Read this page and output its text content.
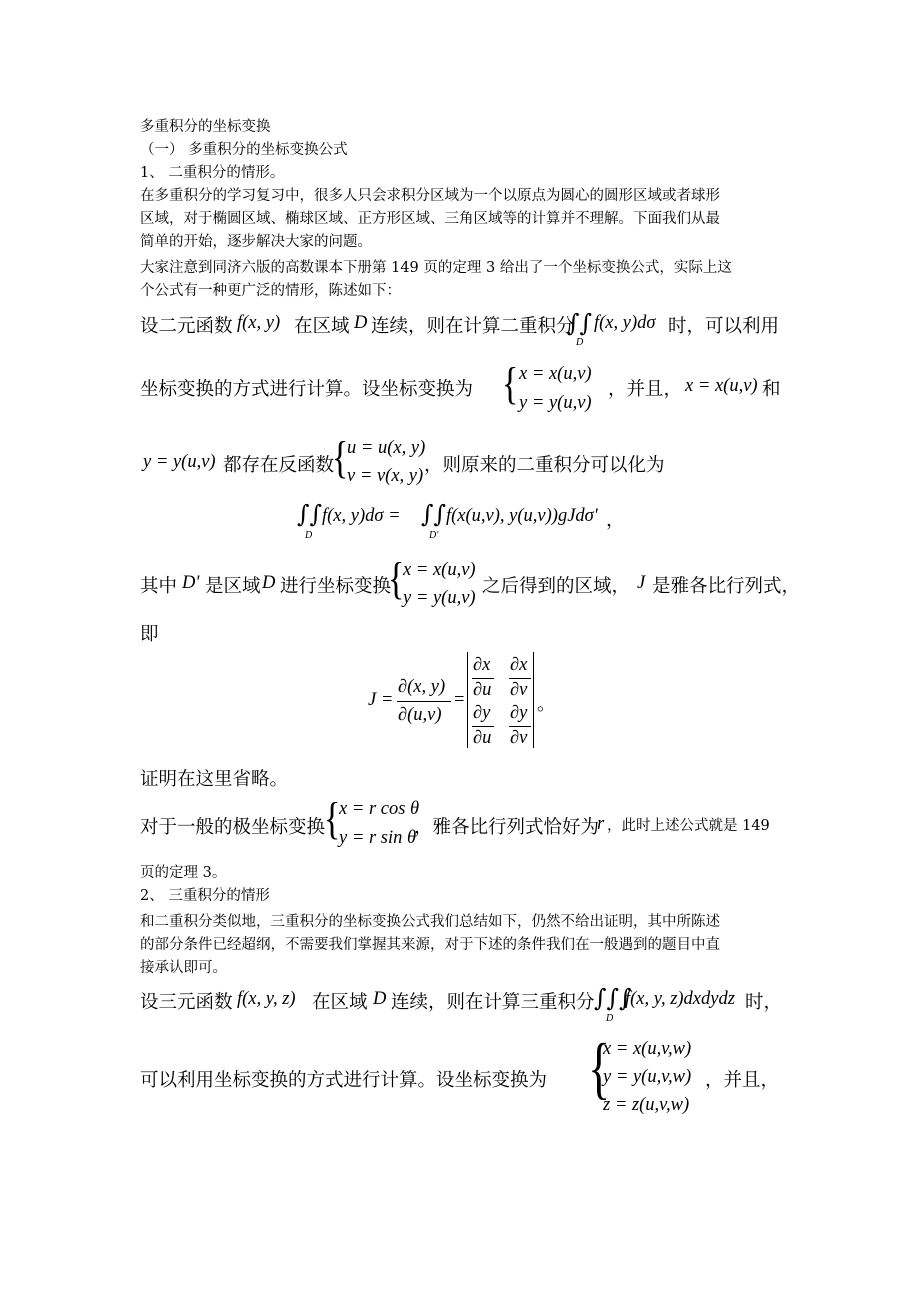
多重积分的坐标变换
（一） 多重积分的坐标变换公式
1、 二重积分的情形。
在多重积分的学习复习中，很多人只会求积分区域为一个以原点为圆心的圆形区域或者球形
区域，对于椭圆区域、椭球区域、正方形区域、三角区域等的计算并不理解。下面我们从最
简单的开始，逐步解决大家的问题。
大家注意到同济六版的高数课本下册第 149 页的定理 3 给出了一个坐标变换公式，实际上这
个公式有一种更广泛的情形，陈述如下：
设二元函数 f(x, y) 在区域 D 连续，则在计算二重积分
∫∫
D
f(x, y)dσ 时，可以利用
坐标变换的方式进行计算。设坐标变换为 { x = x(u,v)
y = y(u,v)
，并且， x = x(u,v) 和
y = y(u,v) 都存在反函数
{
u = u(x, y)
v = v(x, y) ，则原来的二重积分可以化为
∫∫
D
f(x, y)dσ = ∫∫
D'
f(x(u,v), y(u,v))gJdσ' ，
其中 D' 是区域 D 进行坐标变换
{
x = x(u,v)
y = y(u,v)
之后得到的区域， J 是雅各比行列式，
即
J =
∂(x, y)
∂(u,v)
=
∂x
∂u
∂x
∂v
∂y
∂u
∂y
∂v
。
证明在这里省略。
对于一般的极坐标变换
{
x = r cos θ
y = r sin θ
，雅各比行列式恰好为
r ，此时上述公式就是 149
页的定理 3。
2、 三重积分的情形
和二重积分类似地，三重积分的坐标变换公式我们总结如下，仍然不给出证明，其中所陈述
的部分条件已经超纲，不需要我们掌握其来源，对于下述的条件我们在一般遇到的题目中直
接承认即可。
设三元函数 f(x, y, z) 在区域 D 连续，则在计算三重积分 ∫∫∫
D
f(x, y, z)dxdydz 时，
可以利用坐标变换的方式进行计算。设坐标变换为 {
x = x(u,v,w)
y = y(u,v,w)
z = z(u,v,w)
，并且，
